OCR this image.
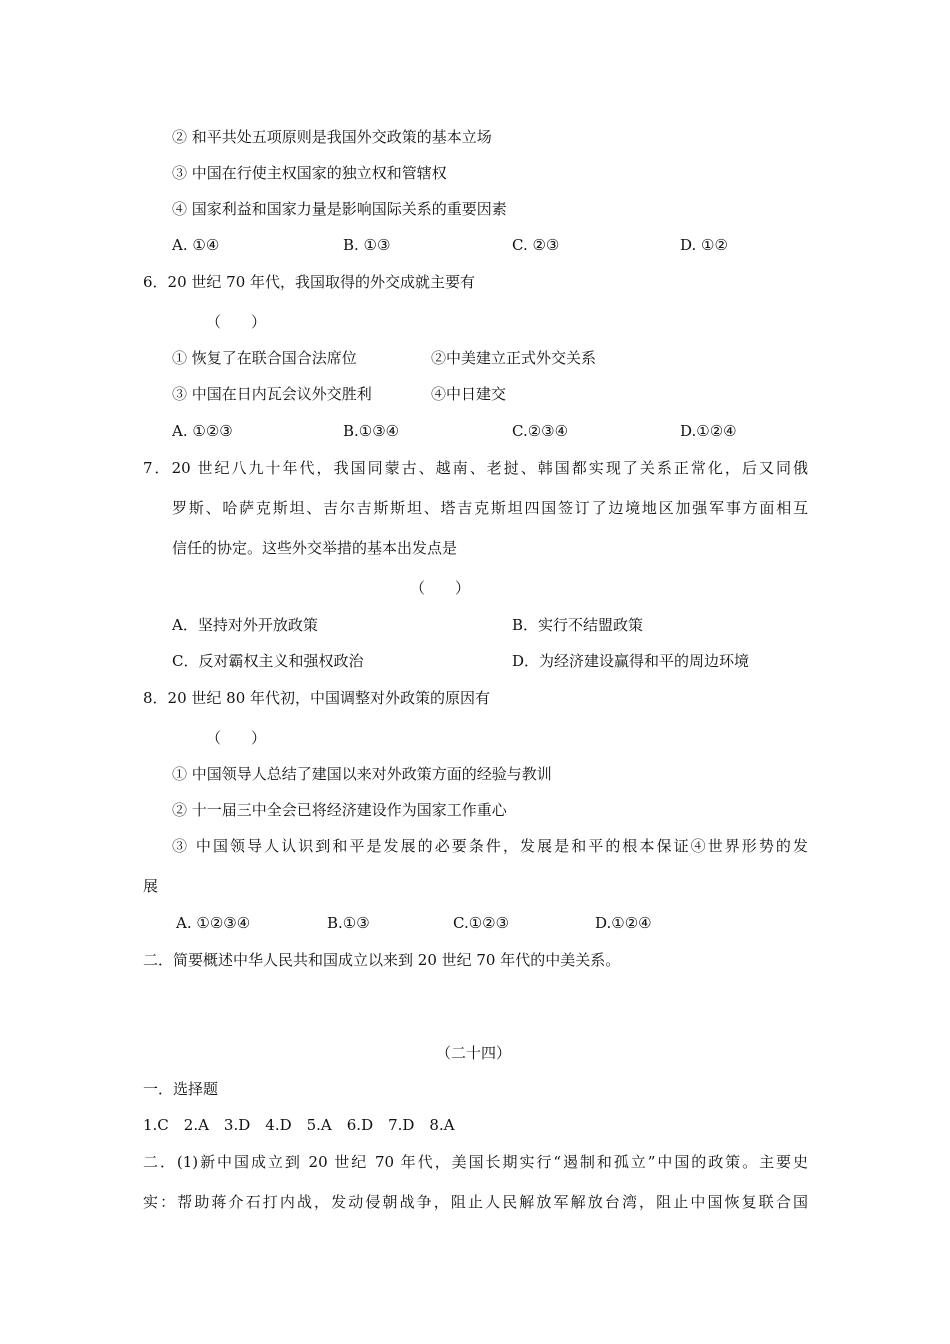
② 和平共处五项原则是我国外交政策的基本立场
③ 中国在行使主权国家的独立权和管辖权
④ 国家利益和国家力量是影响国际关系的重要因素
A. ①④	B. ①③	C. ②③	D. ①②
6．20 世纪 70 年代，我国取得的外交成就主要有
（　　）
① 恢复了在联合国合法席位	②中美建立正式外交关系
③ 中国在日内瓦会议外交胜利	④中日建交
A. ①②③	B.①③④	C.②③④	D.①②④
7．20 世纪八九十年代，我国同蒙古、越南、老挝、韩国都实现了关系正常化，后又同俄
罗斯、哈萨克斯坦、吉尔吉斯斯坦、塔吉克斯坦四国签订了边境地区加强军事方面相互
信任的协定。这些外交举措的基本出发点是
（　　）
A．坚持对外开放政策	B．实行不结盟政策
C．反对霸权主义和强权政治	D．为经济建设赢得和平的周边环境
8．20 世纪 80 年代初，中国调整对外政策的原因有
（　　）
① 中国领导人总结了建国以来对外政策方面的经验与教训
② 十一届三中全会已将经济建设作为国家工作重心
③ 中国领导人认识到和平是发展的必要条件，发展是和平的根本保证④世界形势的发
展
A. ①②③④	B.①③	C.①②③	D.①②④
二．简要概述中华人民共和国成立以来到 20 世纪 70 年代的中美关系。
（二十四）
一．选择题
1.C　2.A　3.D　4.D　5.A　6.D　7.D　8.A
二．(1)新中国成立到 20 世纪 70 年代，美国长期实行“遏制和孤立”中国的政策。主要史
实：帮助蒋介石打内战，发动侵朝战争，阻止人民解放军解放台湾，阻止中国恢复联合国
